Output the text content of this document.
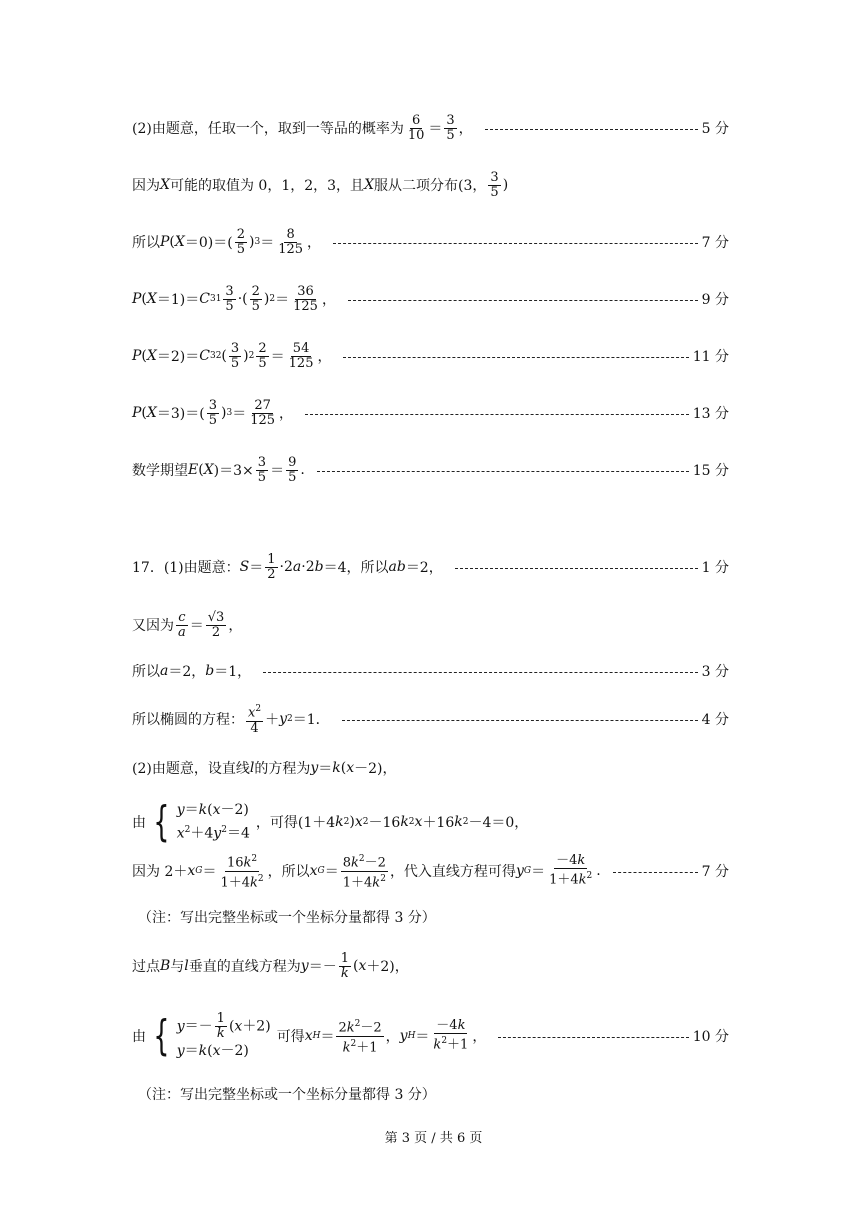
(2)由题意，任取一个，取到一等品的概率为 $\frac{6}{10} = \frac{3}{5}$ ，	5 分
因为 X 可能的取值为 0，1，2，3，且 X 服从二项分布(3， $\frac{3}{5}$ )
所以 P ( $X =0)=( \frac{2}{5}$ ) $3 = \frac{8}{125}$ ，	7 分
P ( X ＝1)＝ C 3 $1 \frac{3}{5}$ ·( $\frac{2}{5}$ ) $2 = \frac{36}{125}$ ，	9 分
P ( X ＝2)＝ C 3 2 ( $\frac{3}{5}$ ) $2 \frac{2}{5} = \frac{54}{125}$ ，	11 分
P ( $X =3)=( \frac{3}{5}$ ) $3 = \frac{27}{125}$ ，	13 分
数学期望 E ( X )$=3\times \frac{3}{5} = \frac{9}{5}$ .	15 分
17．(1)由题意： $S = \frac{1}{2} \cdot 2$ a ·2 b ＝4，所以 ab ＝2，	1 分
又因为 $\frac{c}{a} = \frac{√3}{2}$ ，
所以 a ＝2， b ＝1，	3 分
所以椭圆的方程： $\frac{x^2}{4} + y$ 2 ＝1．	4 分
(2)由题意，设直线 l 的方程为 y ＝ k ( x －2)，
由 { y＝k(x－2)
$x^2+4y^2=4$
，可得(1＋4 k 2 ) x 2 －16 k 2 x ＋16 k 2 －4＝0，
因为 2＋ x $G = \frac{16k^2}{1+4k^2}$ ，所以 x $G = \frac{8k^2-2}{1+4k^2}$ ，代入直线方程可得 y $G = \frac{-4k}{1+4k^2}$ .	7 分
（注：写出完整坐标或一个坐标分量都得 3 分）
过点 B 与 l 垂直的直线方程为 $y =- \frac{1}{k}$ ( x ＋2)，
由 { $y=- \frac{1}{k} (x+2)$
y＝k(x－2)
可得 x $H = \frac{2k^2-2}{k^2+1}$ ， y $H = \frac{-4k}{k^2+1}$ ，	10 分
（注：写出完整坐标或一个坐标分量都得 3 分）
第 3 页 / 共 6 页
